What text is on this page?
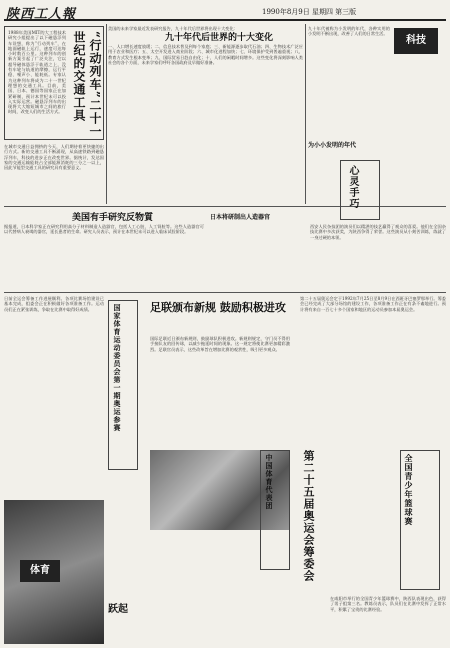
陕西工人報	1990年8月9日 星期四 第三版
1988年美国MIT的大工程技术研究小组提出了以下磁悬浮列车设想，称为“行动列车”，在地面磁轨上运行，速度可达每小时数百公里。这种列车的创新方案引起了广泛关注，它以超导磁体悬浮于轨道之上，没有车轮与轨道的摩擦，运行平稳、噪声小、能耗低。专家认为这种列车将成为二十一世纪理想的交通工具。目前，美国、日本、德国等国家正在加紧研制，预计本世纪末可以投入实际运营。磁悬浮列车的出现将大大缩短城市之间的旅行时间，改变人们的生活方式。	“行动列车”二十一世纪的交通工具
在城市交通日益拥挤的今天，人们期待着更快捷的出行方式。新的交通工具不断涌现，从高速铁路到磁悬浮列车，科技的进步正在改变世界。据统计，发达国家的交通运输能耗占全部能源消耗的三分之一以上，因此节能型交通工具的研究具有重要意义。
九十年代后世界的十大变化
美国的未来学家最近发表研究报告，九十年代后世界将出现十大变化：
一、人口增长速度放缓；二、信息技术普及到每个家庭；三、新能源逐步取代石油；四、生物技术广泛应用于农业和医疗；五、太空开发进入商业阶段；六、城市化进程加快；七、环境保护受到普遍重视；八、教育方式发生根本变革；九、国际贸易日趋自由化；十、人们的闲暇时间增多。这些变化将深刻影响人类社会的各个方面，未来学家们呼吁各国政府及早做好准备。
科技
九十年代被称为小发明的年代，各种实用的小发明不断出现，改善了人们的日常生活。
为小小发明的年代
美国有手研究反物質
据报道，日本科学家正在研究利用高分子材料制造人造器官，包括人工心脏、人工肾脏等。这些人造器官可以代替病人衰竭的器官，延长患者的生命。研究人员表示，预计在本世纪末可以进入临床试验阶段。
日本将研制出人造器官
心灵手巧
西安人民杂技团的演员们以精湛的技艺赢得了观众的喜爱。他们在全国杂技比赛中多次获奖，为陕西争得了荣誉。这些演员从小刻苦训练，练就了一身过硬的本领。
日前全运会筹备工作进展顺利。各项比赛场馆建设已基本完成，组委会正在积极做好各项准备工作。运动员们正在紧张训练，争取在比赛中取得好成绩。	国家体育运动委员会第一期奥运参赛	足联颁布新规 鼓励积极进攻
国际足联近日颁布新规则，鼓励球队积极进攻。新规则规定，守门员不得用手接队友的回传球，以减少拖延时间的现象。这一规定将使比赛更加精彩激烈。足联官员表示，这些改革旨在增加比赛的观赏性，吸引更多观众。
第二十五届奥运会定于1992年7月25日至8月9日在西班牙巴塞罗那举行。筹委会已经完成了大部分场馆的建设工作，各项准备工作正在有条不紊地进行。预计将有来自一百七十多个国家和地区的运动员参加本届奥运会。
体育
中国体育代表团	第二十五届奥运会筹委会	全国青少年篮球赛
在咸阳市举行的全国青少年篮球赛中，陕西队表现出色，获得了男子组第三名。教练员表示，队员们在比赛中发挥了正常水平，积累了宝贵的比赛经验。
跃起
